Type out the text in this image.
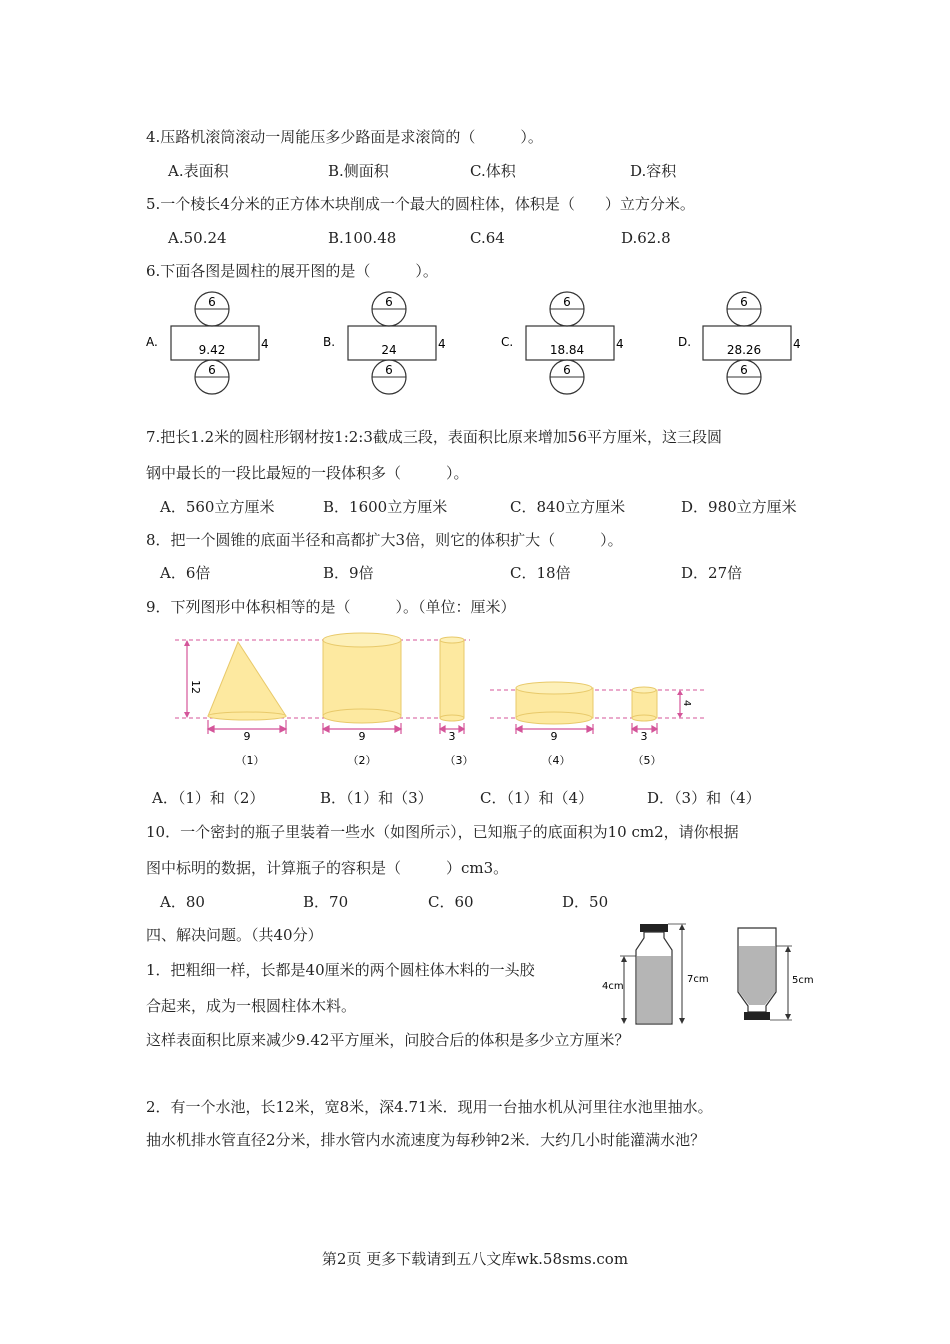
4.压路机滚筒滚动一周能压多少路面是求滚筒的（　　　）。
A.表面积	B.侧面积	C.体积	D.容积
5.一个棱长4分米的正方体木块削成一个最大的圆柱体，体积是（　　）立方分米。
A.50.24	B.100.48	C.64	D.62.8
6.下面各图是圆柱的展开图的是（　　　）。
A.
6
9.42	4
6
B.
6
24	4
6
C.
6
18.84	4
6
D.
6
28.26	4
6
7.把长1.2米的圆柱形钢材按1:2:3截成三段，表面积比原来增加56平方厘米，这三段圆
钢中最长的一段比最短的一段体积多（　　　）。
A．560立方厘米	B．1600立方厘米	C．840立方厘米	D．980立方厘米
8．把一个圆锥的底面半径和高都扩大3倍，则它的体积扩大（　　　）。
A．6倍	B．9倍	C．18倍	D．27倍
9．下列图形中体积相等的是（　　　）。（单位：厘米）
12
4
9	9	3	9	3
（1）	（2）	（3）	（4）	（5）
A．（1）和（2）	B．（1）和（3）	C．（1）和（4）	D．（3）和（4）
10．一个密封的瓶子里装着一些水（如图所示），已知瓶子的底面积为10 cm2，请你根据
图中标明的数据，计算瓶子的容积是（　　　）cm3。
A．80	B．70	C．60	D．50
四、解决问题。（共40分）
1．把粗细一样，长都是40厘米的两个圆柱体木料的一头胶
合起来，成为一根圆柱体木料。
这样表面积比原来减少9.42平方厘米，问胶合后的体积是多少立方厘米？
4cm
7cm	5cm
2．有一个水池，长12米，宽8米，深4.71米．现用一台抽水机从河里往水池里抽水。
抽水机排水管直径2分米，排水管内水流速度为每秒钟2米．大约几小时能灌满水池？
第2页 更多下载请到五八文库wk.58sms.com
